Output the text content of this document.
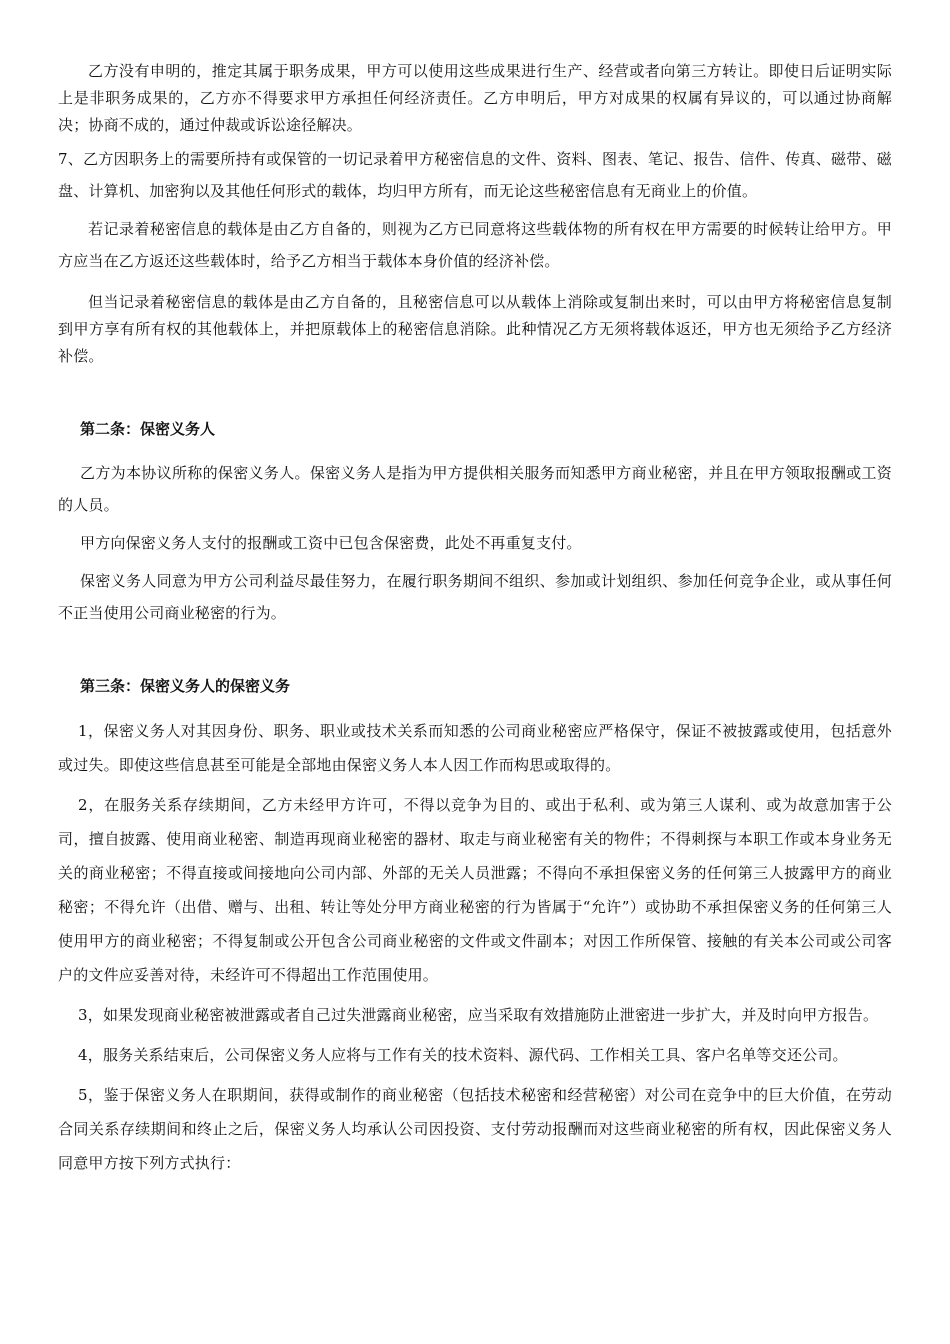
乙方没有申明的，推定其属于职务成果，甲方可以使用这些成果进行生产、经营或者向第三方转让。即使日后证明实际上是非职务成果的，乙方亦不得要求甲方承担任何经济责任。乙方申明后，甲方对成果的权属有异议的，可以通过协商解决；协商不成的，通过仲裁或诉讼途径解决。

7、乙方因职务上的需要所持有或保管的一切记录着甲方秘密信息的文件、资料、图表、笔记、报告、信件、传真、磁带、磁盘、计算机、加密狗以及其他任何形式的载体，均归甲方所有，而无论这些秘密信息有无商业上的价值。

若记录着秘密信息的载体是由乙方自备的，则视为乙方已同意将这些载体物的所有权在甲方需要的时候转让给甲方。甲方应当在乙方返还这些载体时，给予乙方相当于载体本身价值的经济补偿。

但当记录着秘密信息的载体是由乙方自备的，且秘密信息可以从载体上消除或复制出来时，可以由甲方将秘密信息复制到甲方享有所有权的其他载体上，并把原载体上的秘密信息消除。此种情况乙方无须将载体返还，甲方也无须给予乙方经济补偿。

第二条：保密义务人

乙方为本协议所称的保密义务人。保密义务人是指为甲方提供相关服务而知悉甲方商业秘密，并且在甲方领取报酬或工资的人员。

甲方向保密义务人支付的报酬或工资中已包含保密费，此处不再重复支付。

保密义务人同意为甲方公司利益尽最佳努力，在履行职务期间不组织、参加或计划组织、参加任何竞争企业，或从事任何不正当使用公司商业秘密的行为。

第三条：保密义务人的保密义务

1，保密义务人对其因身份、职务、职业或技术关系而知悉的公司商业秘密应严格保守，保证不被披露或使用，包括意外或过失。即使这些信息甚至可能是全部地由保密义务人本人因工作而构思或取得的。

2，在服务关系存续期间，乙方未经甲方许可，不得以竞争为目的、或出于私利、或为第三人谋利、或为故意加害于公司，擅自披露、使用商业秘密、制造再现商业秘密的器材、取走与商业秘密有关的物件；不得刺探与本职工作或本身业务无关的商业秘密；不得直接或间接地向公司内部、外部的无关人员泄露；不得向不承担保密义务的任何第三人披露甲方的商业秘密；不得允许（出借、赠与、出租、转让等处分甲方商业秘密的行为皆属于“允许”）或协助不承担保密义务的任何第三人使用甲方的商业秘密；不得复制或公开包含公司商业秘密的文件或文件副本；对因工作所保管、接触的有关本公司或公司客户的文件应妥善对待，未经许可不得超出工作范围使用。

3，如果发现商业秘密被泄露或者自己过失泄露商业秘密，应当采取有效措施防止泄密进一步扩大，并及时向甲方报告。

4，服务关系结束后，公司保密义务人应将与工作有关的技术资料、源代码、工作相关工具、客户名单等交还公司。

5，鉴于保密义务人在职期间，获得或制作的商业秘密（包括技术秘密和经营秘密）对公司在竞争中的巨大价值，在劳动合同关系存续期间和终止之后，保密义务人均承认公司因投资、支付劳动报酬而对这些商业秘密的所有权，因此保密义务人同意甲方按下列方式执行：
